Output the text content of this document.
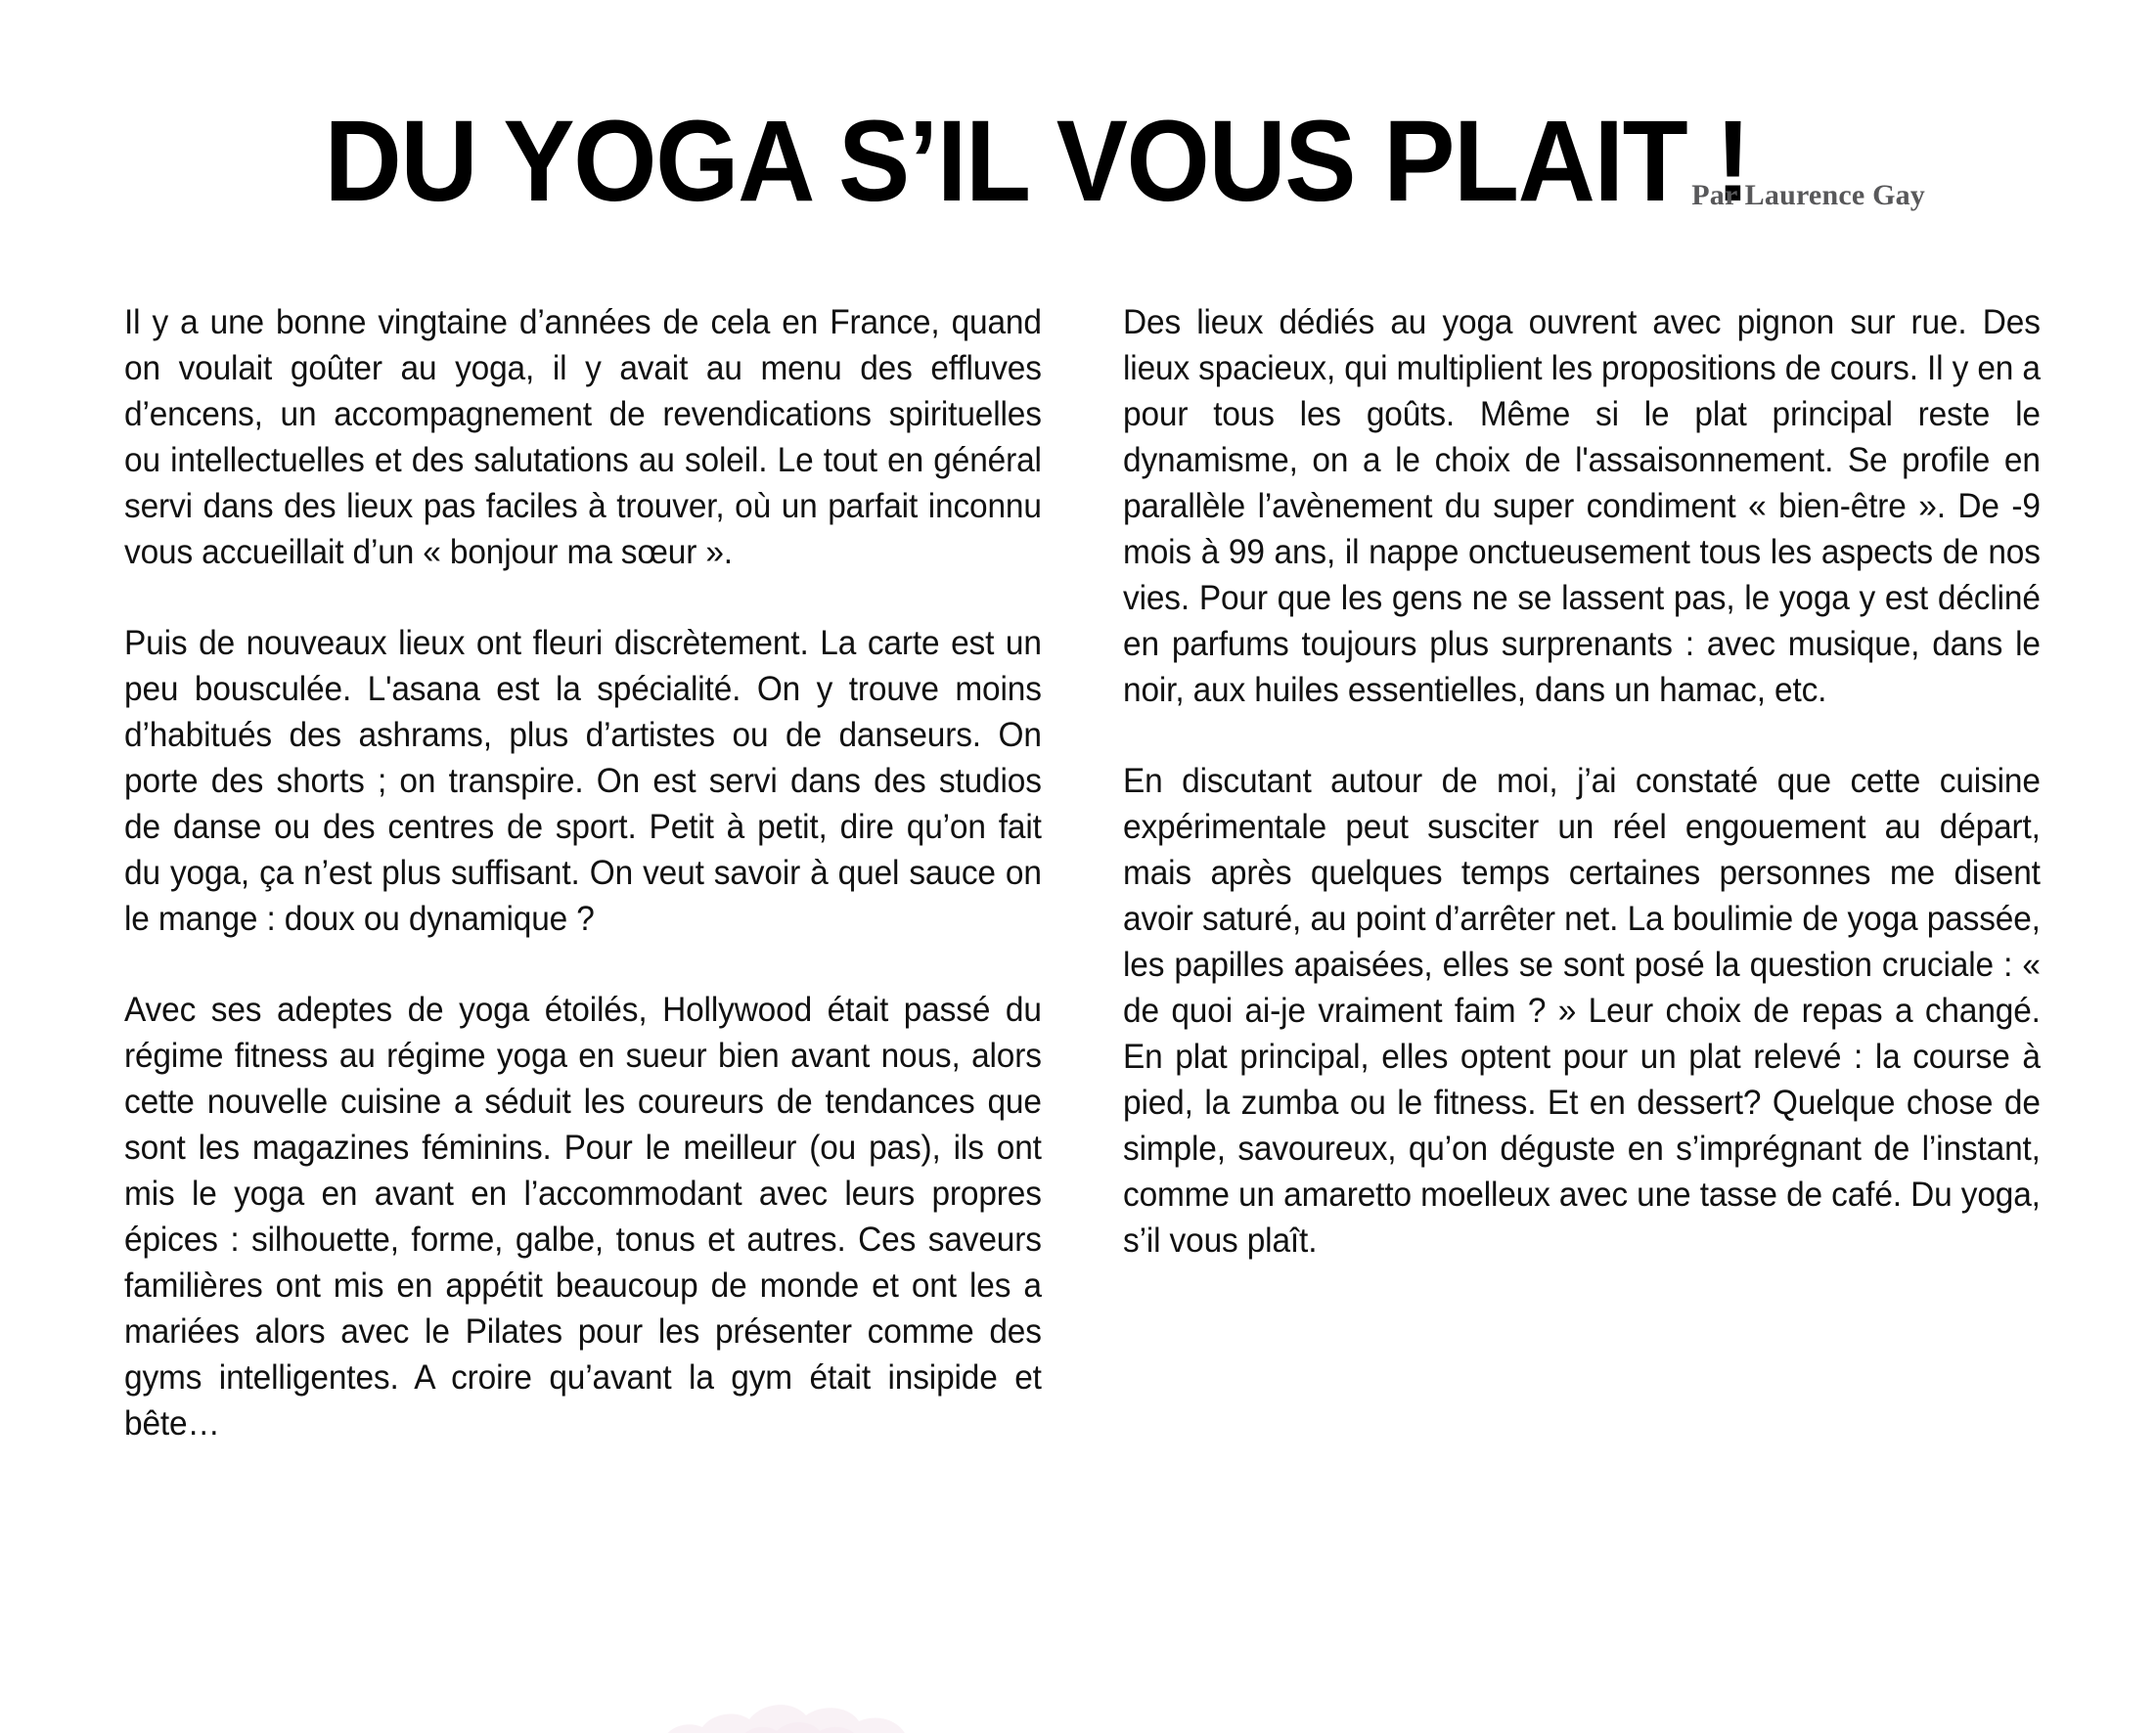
DU YOGA S’IL VOUS PLAIT !
Par Laurence Gay

Il y a une bonne vingtaine d’années de cela en France, quand on voulait goûter au yoga, il y avait au menu des effluves d’encens, un accompagnement de revendications spirituelles ou intellectuelles et des salutations au soleil. Le tout en général servi dans des lieux pas faciles à trouver, où un parfait inconnu vous accueillait d’un « bonjour ma sœur ».

Puis de nouveaux lieux ont fleuri discrètement. La carte est un peu bousculée. L'asana est la spécialité. On y trouve moins d’habitués des ashrams, plus d’artistes ou de danseurs. On porte des shorts ; on transpire. On est servi dans des studios de danse ou des centres de sport. Petit à petit, dire qu’on fait du yoga, ça n’est plus suffisant. On veut savoir à quel sauce on le mange : doux ou dynamique ?

Avec ses adeptes de yoga étoilés, Hollywood était passé du régime fitness au régime yoga en sueur bien avant nous, alors cette nouvelle cuisine a séduit les coureurs de tendances que sont les magazines féminins. Pour le meilleur (ou pas), ils ont mis le yoga en avant en l’accommodant avec leurs propres épices : silhouette, forme, galbe, tonus et autres. Ces saveurs familières ont mis en appétit beaucoup de monde et ont les a mariées alors avec le Pilates pour les présenter comme des gyms intelligentes. A croire qu’avant la gym était insipide et bête…

Des lieux dédiés au yoga ouvrent avec pignon sur rue. Des lieux spacieux, qui multiplient les propositions de cours. Il y en a pour tous les goûts. Même si le plat principal reste le dynamisme, on a le choix de l'assaisonnement. Se profile en parallèle l’avènement du super condiment « bien-être ». De -9 mois à 99 ans, il nappe onctueusement tous les aspects de nos vies. Pour que les gens ne se lassent pas, le yoga y est décliné en parfums toujours plus surprenants : avec musique, dans le noir, aux huiles essentielles, dans un hamac, etc.

En discutant autour de moi, j’ai constaté que cette cuisine expérimentale peut susciter un réel engouement au départ, mais après quelques temps certaines personnes me disent avoir saturé, au point d’arrêter net. La boulimie de yoga passée, les papilles apaisées, elles se sont posé la question cruciale : « de quoi ai-je vraiment faim ? » Leur choix de repas a changé. En plat principal, elles optent pour un plat relevé : la course à pied, la zumba ou le fitness. Et en dessert? Quelque chose de simple, savoureux, qu’on déguste en s’imprégnant de l’instant, comme un amaretto moelleux avec une tasse de café. Du yoga, s’il vous plaît.
